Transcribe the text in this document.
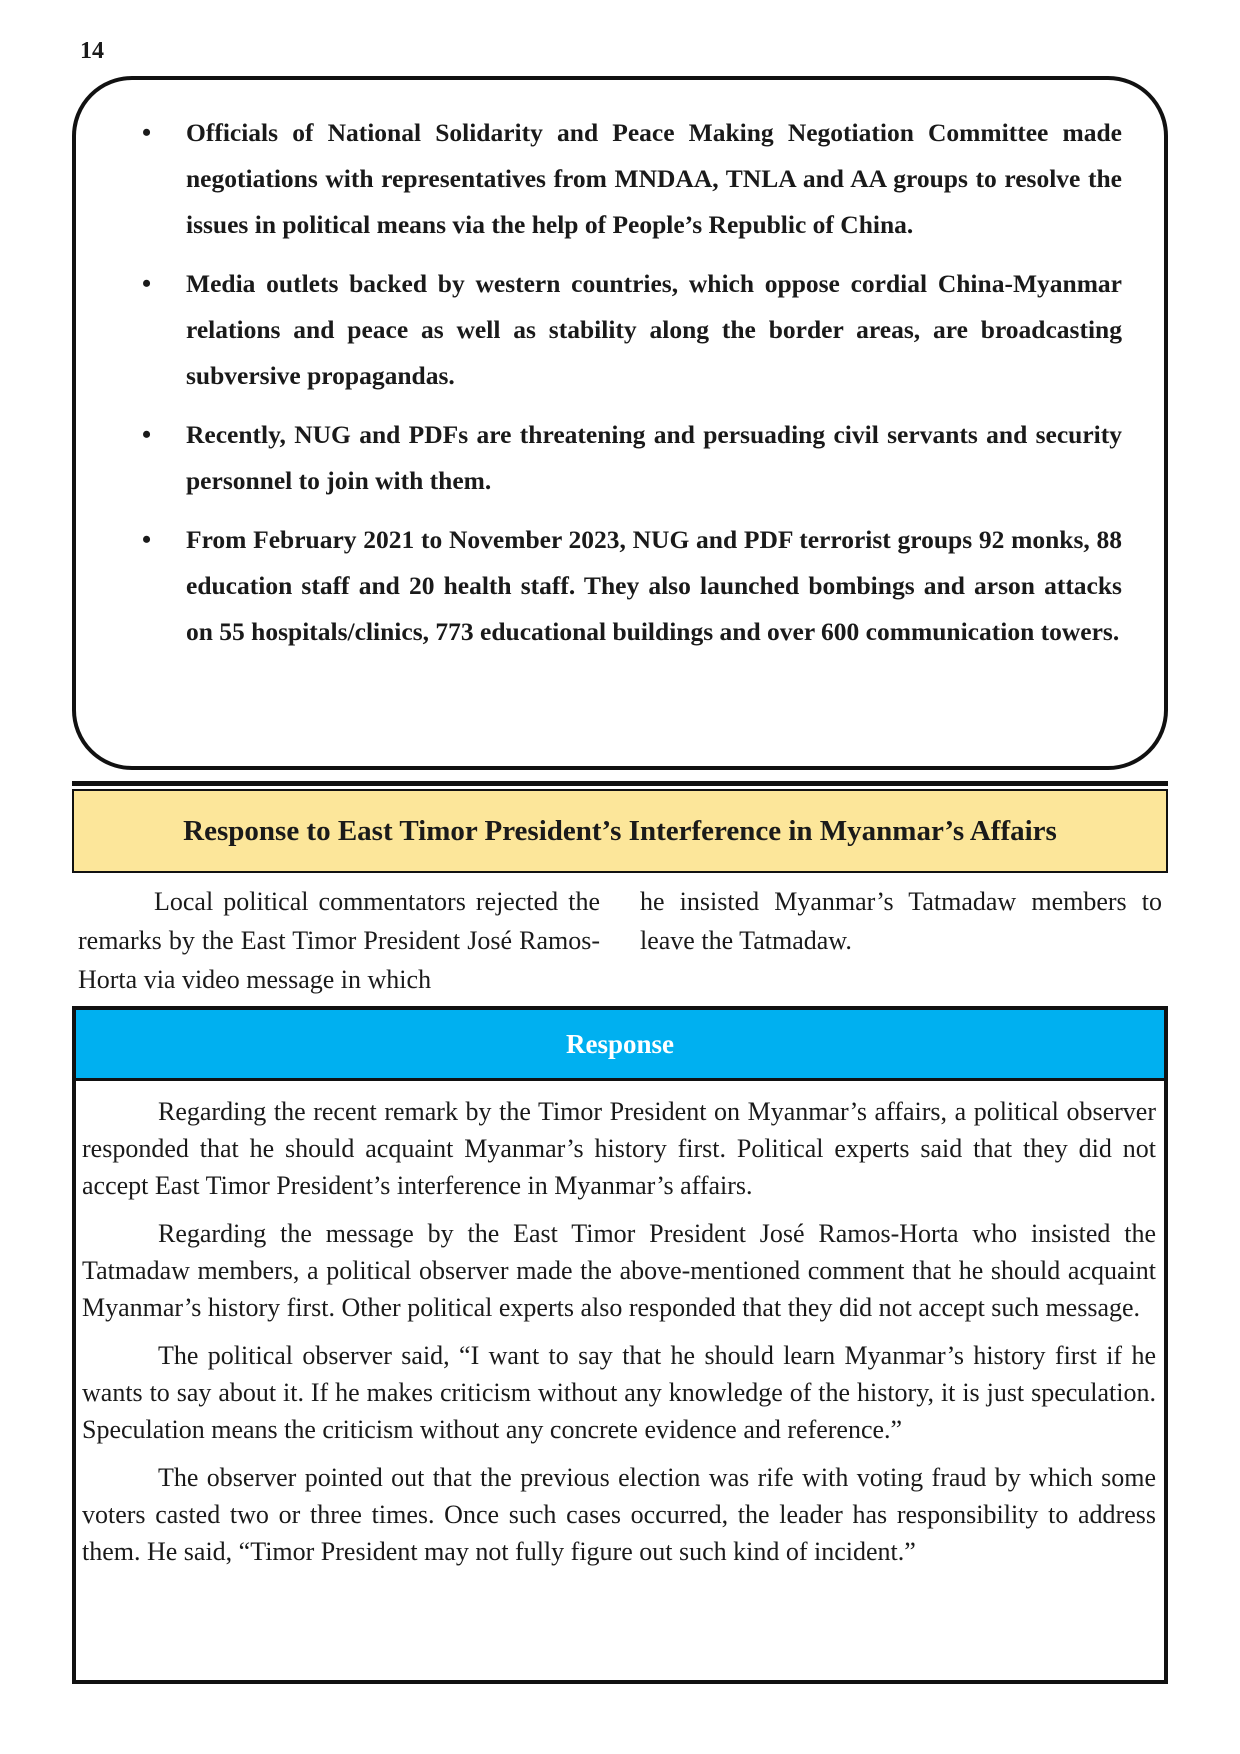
14
• Officials of National Solidarity and Peace Making Negotiation Committee made negotiations with representatives from MNDAA, TNLA and AA groups to resolve the issues in political means via the help of People’s Republic of China.
• Media outlets backed by western countries, which oppose cordial China-Myanmar relations and peace as well as stability along the border areas, are broadcasting subversive propagandas.
• Recently, NUG and PDFs are threatening and persuading civil servants and security personnel to join with them.
• From February 2021 to November 2023, NUG and PDF terrorist groups 92 monks, 88 education staff and 20 health staff. They also launched bombings and arson attacks on 55 hospitals/clinics, 773 educational buildings and over 600 communication towers.
Response to East Timor President’s Interference in Myanmar’s Affairs
Local political commentators rejected the remarks by the East Timor President José Ramos-Horta via video message in which
he insisted Myanmar’s Tatmadaw members to leave the Tatmadaw.
Response

Regarding the recent remark by the Timor President on Myanmar’s affairs, a political observer responded that he should acquaint Myanmar’s history first. Political experts said that they did not accept East Timor President’s interference in Myanmar’s affairs.

Regarding the message by the East Timor President José Ramos-Horta who insisted the Tatmadaw members, a political observer made the above-mentioned comment that he should acquaint Myanmar’s history first. Other political experts also responded that they did not accept such message.

The political observer said, “I want to say that he should learn Myanmar’s history first if he wants to say about it. If he makes criticism without any knowledge of the history, it is just speculation. Speculation means the criticism without any concrete evidence and reference.”

The observer pointed out that the previous election was rife with voting fraud by which some voters casted two or three times. Once such cases occurred, the leader has responsibility to address them. He said, “Timor President may not fully figure out such kind of incident.”
